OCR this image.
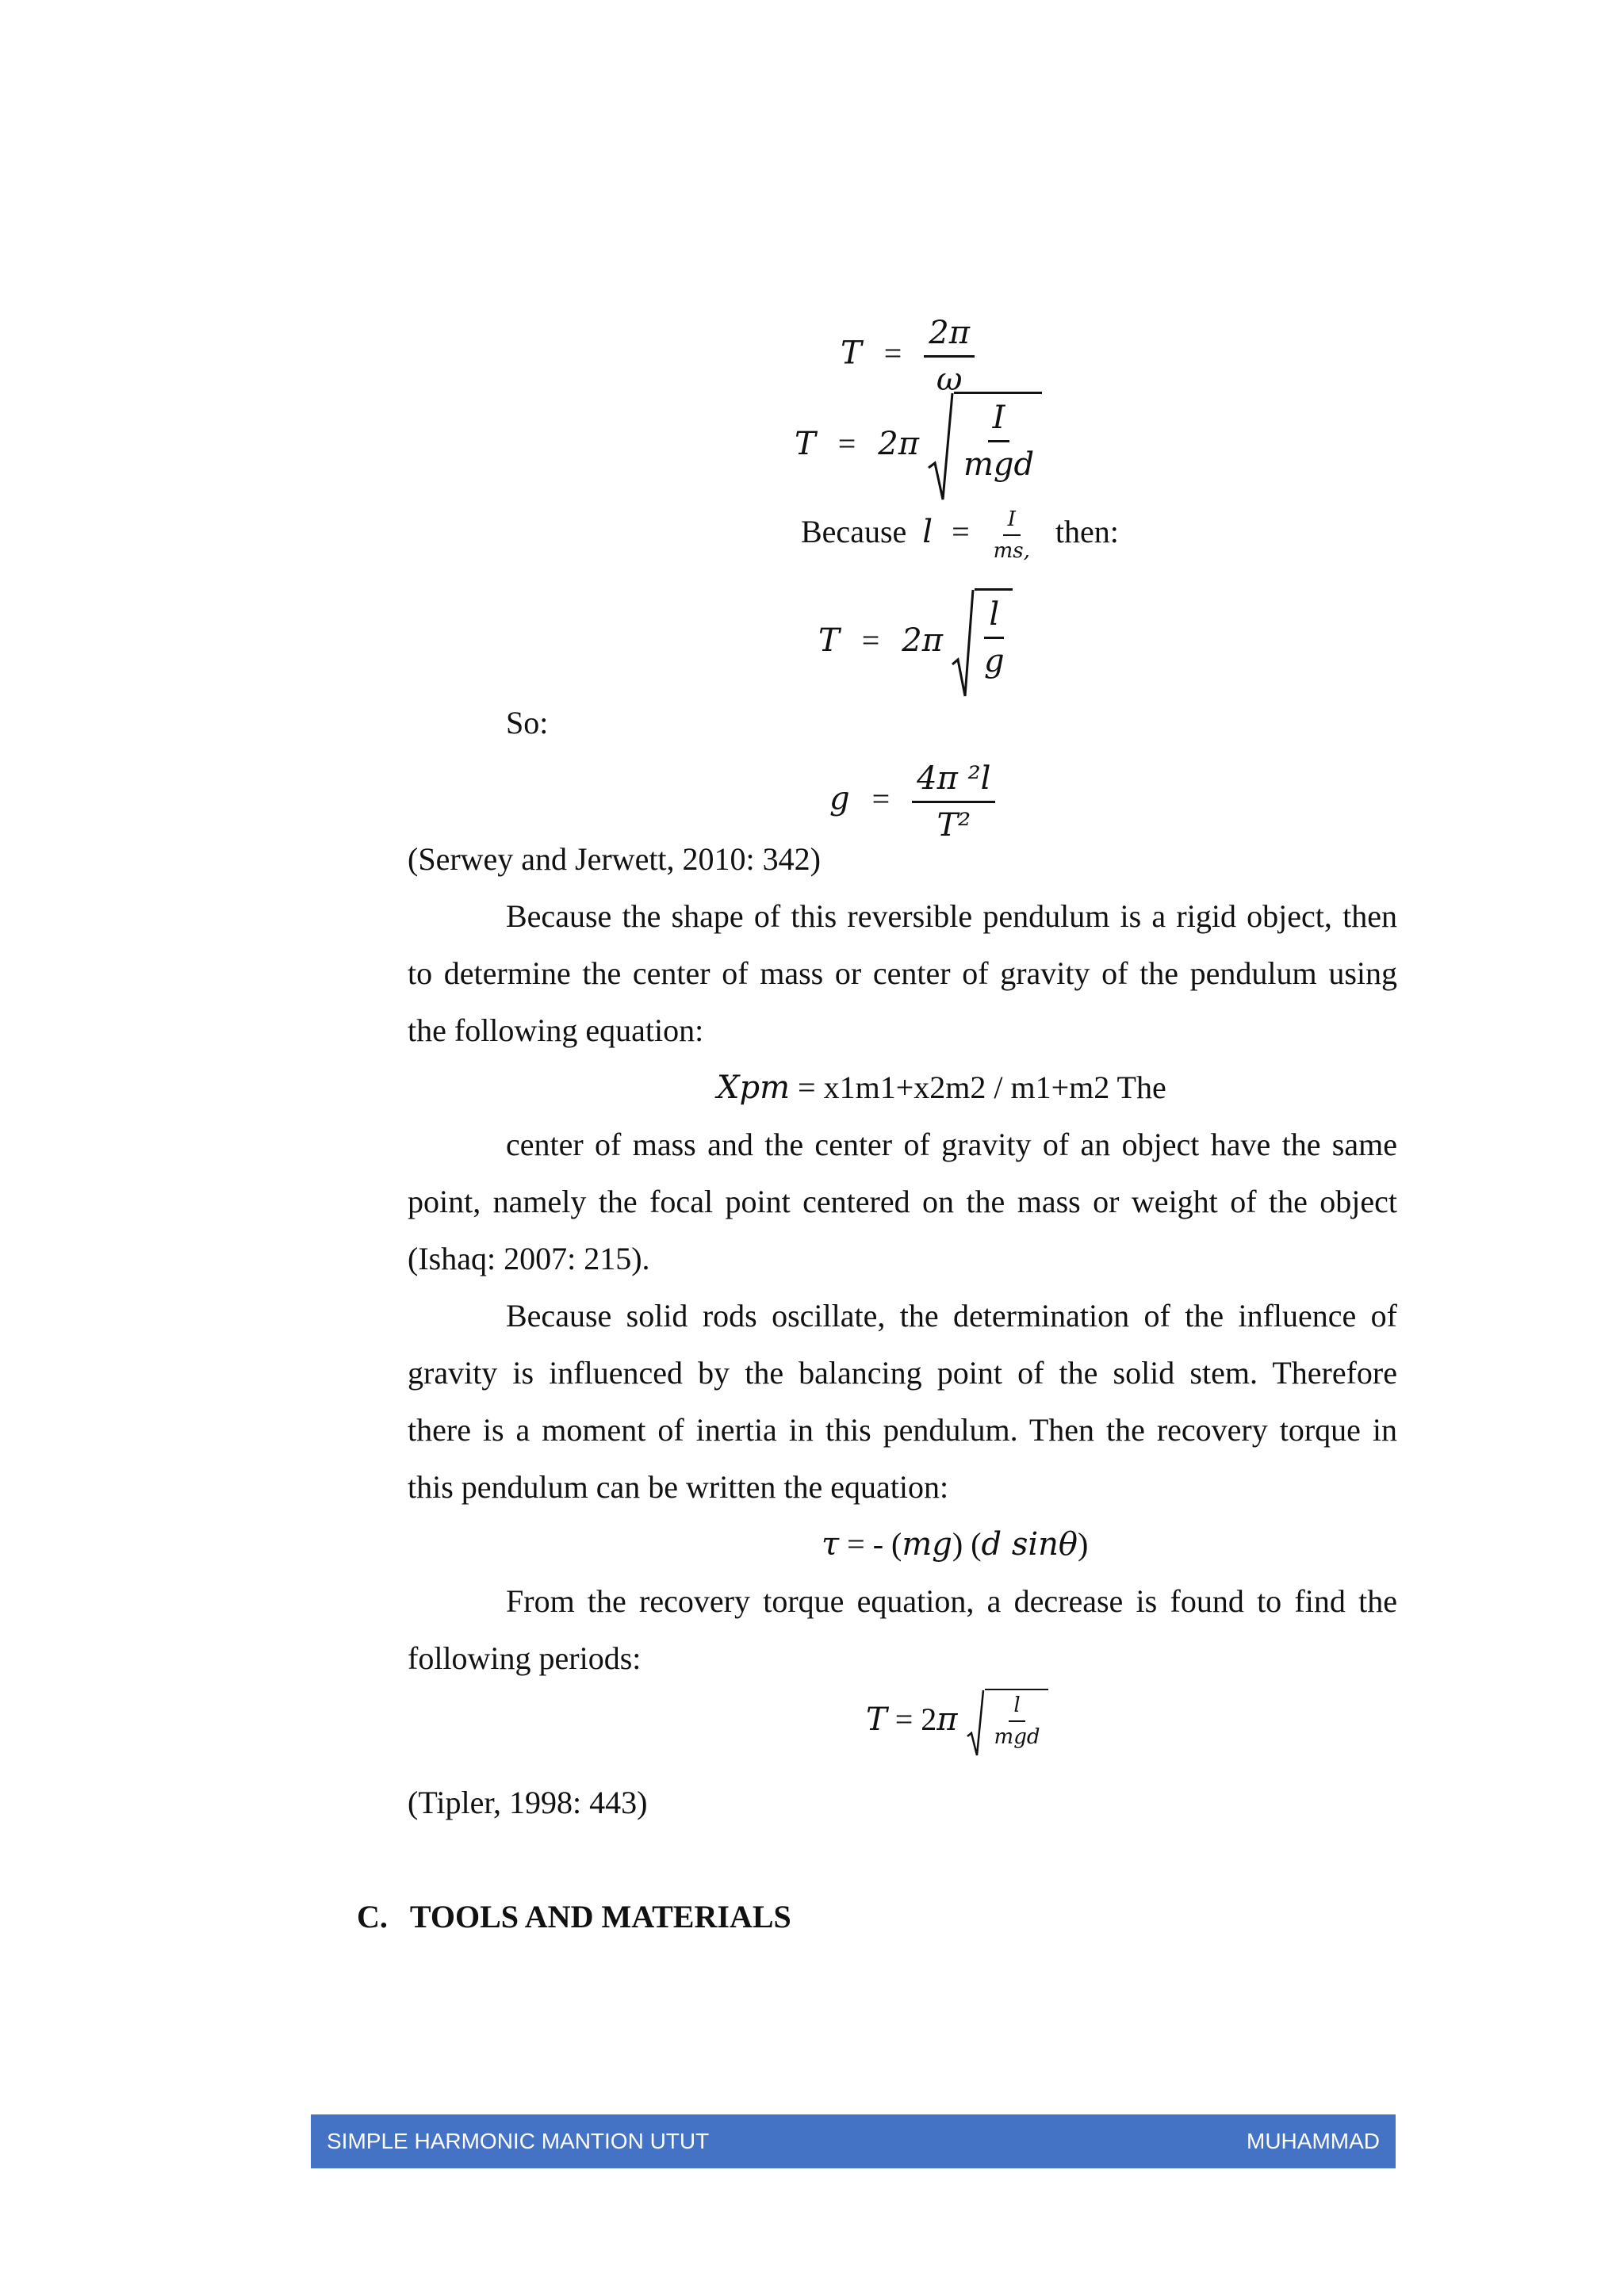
$T = \frac{2\pi}{\omega}$
$T = 2\pi \frac{I}{\text{mgd}}$
Because $l = \frac{I}{ms,}$ then:
$T = 2\pi \frac{l}{g}$
So:
$g = \frac{\text{4π ²l}}{\text{T²}}$
(Serwey and Jerwett, 2010: 342)
Because the shape of this reversible pendulum is a rigid object, then
to determine the center of mass or center of gravity of the pendulum using
the following equation:
Xpm = x1m1+x2m2 / m1+m2 The
center of mass and the center of gravity of an object have the same
point, namely the focal point centered on the mass or weight of the object
(Ishaq: 2007: 215).
Because solid rods oscillate, the determination of the influence of
gravity is influenced by the balancing point of the solid stem. Therefore
there is a moment of inertia in this pendulum. Then the recovery torque in
this pendulum can be written the equation:
τ = - (mg) (d sinθ)
From the recovery torque equation, a decrease is found to find the
following periods:
$T = 2\pi \frac{l}{\text{mgd}}$
(Tipler, 1998: 443)
C. TOOLS AND MATERIALS
SIMPLE HARMONIC MANTION UTUT	MUHAMMAD
